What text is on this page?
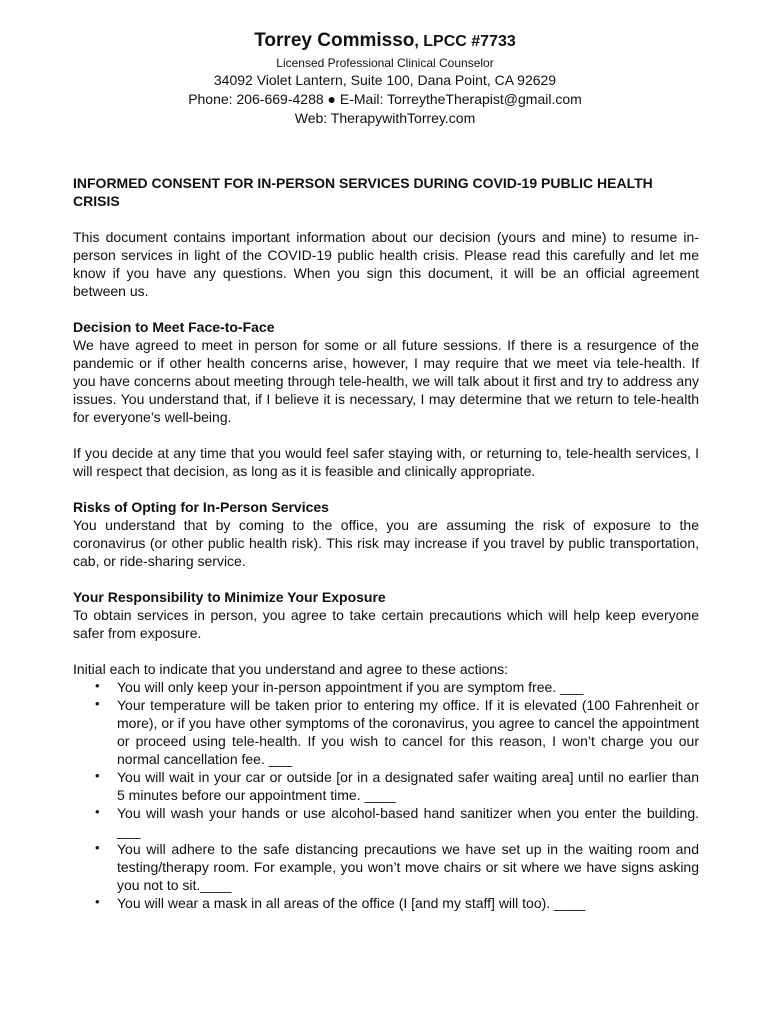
Torrey Commisso, LPCC #7733
Licensed Professional Clinical Counselor
34092 Violet Lantern, Suite 100, Dana Point, CA 92629
Phone: 206-669-4288 ● E-Mail: TorreytheTherapist@gmail.com
Web: TherapywithTorrey.com
INFORMED CONSENT FOR IN-PERSON SERVICES DURING COVID-19 PUBLIC HEALTH CRISIS

This document contains important information about our decision (yours and mine) to resume in-person services in light of the COVID-19 public health crisis. Please read this carefully and let me know if you have any questions. When you sign this document, it will be an official agreement between us.

Decision to Meet Face-to-Face

We have agreed to meet in person for some or all future sessions. If there is a resurgence of the pandemic or if other health concerns arise, however, I may require that we meet via tele-health. If you have concerns about meeting through tele-health, we will talk about it first and try to address any issues. You understand that, if I believe it is necessary, I may determine that we return to tele-health for everyone’s well-being.

If you decide at any time that you would feel safer staying with, or returning to, tele-health services, I will respect that decision, as long as it is feasible and clinically appropriate.

Risks of Opting for In-Person Services

You understand that by coming to the office, you are assuming the risk of exposure to the coronavirus (or other public health risk). This risk may increase if you travel by public transportation, cab, or ride-sharing service.

Your Responsibility to Minimize Your Exposure

To obtain services in person, you agree to take certain precautions which will help keep everyone safer from exposure.

Initial each to indicate that you understand and agree to these actions:
• You will only keep your in-person appointment if you are symptom free. ___
• Your temperature will be taken prior to entering my office. If it is elevated (100 Fahrenheit or more), or if you have other symptoms of the coronavirus, you agree to cancel the appointment or proceed using tele-health. If you wish to cancel for this reason, I won’t charge you our normal cancellation fee. ___
• You will wait in your car or outside [or in a designated safer waiting area] until no earlier than 5 minutes before our appointment time. ____
• You will wash your hands or use alcohol-based hand sanitizer when you enter the building. ___
• You will adhere to the safe distancing precautions we have set up in the waiting room and testing/therapy room. For example, you won’t move chairs or sit where we have signs asking you not to sit.____
• You will wear a mask in all areas of the office (I [and my staff] will too). ____
